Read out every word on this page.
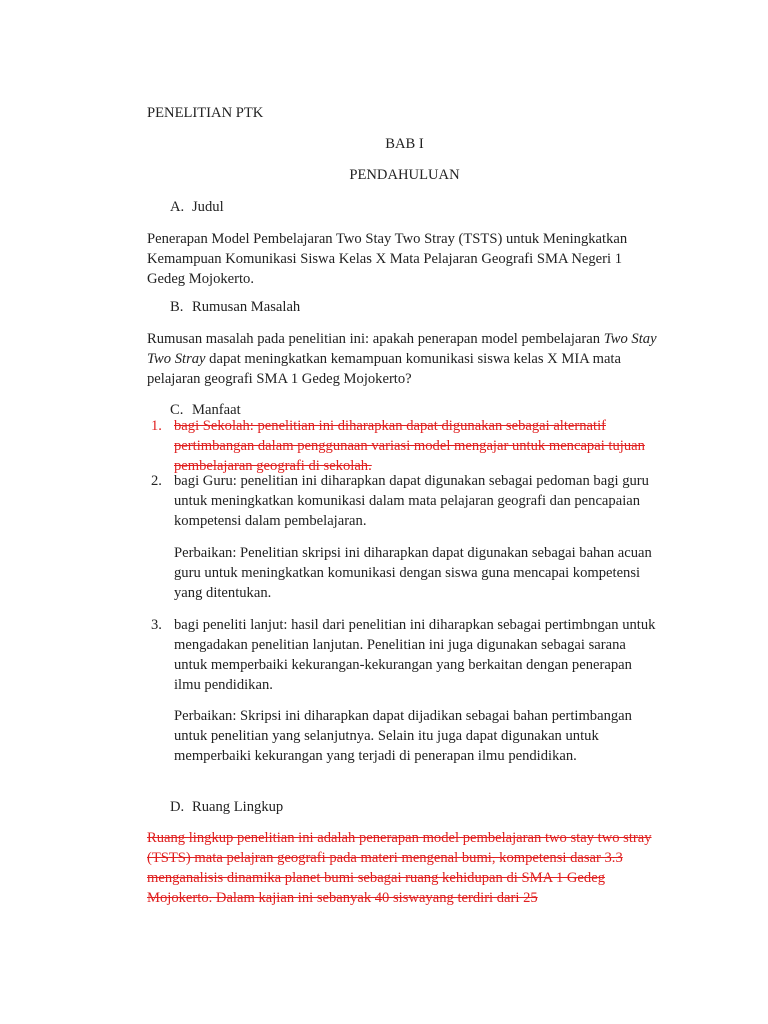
PENELITIAN PTK

BAB I

PENDAHULUAN

A. Judul

Penerapan Model Pembelajaran Two Stay Two Stray (TSTS) untuk Meningkatkan Kemampuan Komunikasi Siswa Kelas X Mata Pelajaran Geografi SMA Negeri 1 Gedeg Mojokerto.

B. Rumusan Masalah

Rumusan masalah pada penelitian ini: apakah penerapan model pembelajaran Two Stay Two Stray dapat meningkatkan kemampuan komunikasi siswa kelas X MIA mata pelajaran geografi SMA 1 Gedeg Mojokerto?

C. Manfaat
1. bagi Sekolah: penelitian ini diharapkan dapat digunakan sebagai alternatif pertimbangan dalam penggunaan variasi model mengajar untuk mencapai tujuan pembelajaran geografi di sekolah.
2. bagi Guru: penelitian ini diharapkan dapat digunakan sebagai pedoman bagi guru untuk meningkatkan komunikasi dalam mata pelajaran geografi dan pencapaian kompetensi dalam pembelajaran.

Perbaikan: Penelitian skripsi ini diharapkan dapat digunakan sebagai bahan acuan guru untuk meningkatkan komunikasi dengan siswa guna mencapai kompetensi yang ditentukan.

3. bagi peneliti lanjut: hasil dari penelitian ini diharapkan sebagai pertimbngan untuk mengadakan penelitian lanjutan. Penelitian ini juga digunakan sebagai sarana untuk memperbaiki kekurangan-kekurangan yang berkaitan dengan penerapan ilmu pendidikan.

Perbaikan: Skripsi ini diharapkan dapat dijadikan sebagai bahan pertimbangan untuk penelitian yang selanjutnya. Selain itu juga dapat digunakan untuk memperbaiki kekurangan yang terjadi di penerapan ilmu pendidikan.

D. Ruang Lingkup

Ruang lingkup penelitian ini adalah penerapan model pembelajaran two stay two stray (TSTS) mata pelajran geografi pada materi mengenal bumi, kompetensi dasar 3.3 menganalisis dinamika planet bumi sebagai ruang kehidupan di SMA 1 Gedeg Mojokerto. Dalam kajian ini sebanyak 40 siswayang terdiri dari 25
